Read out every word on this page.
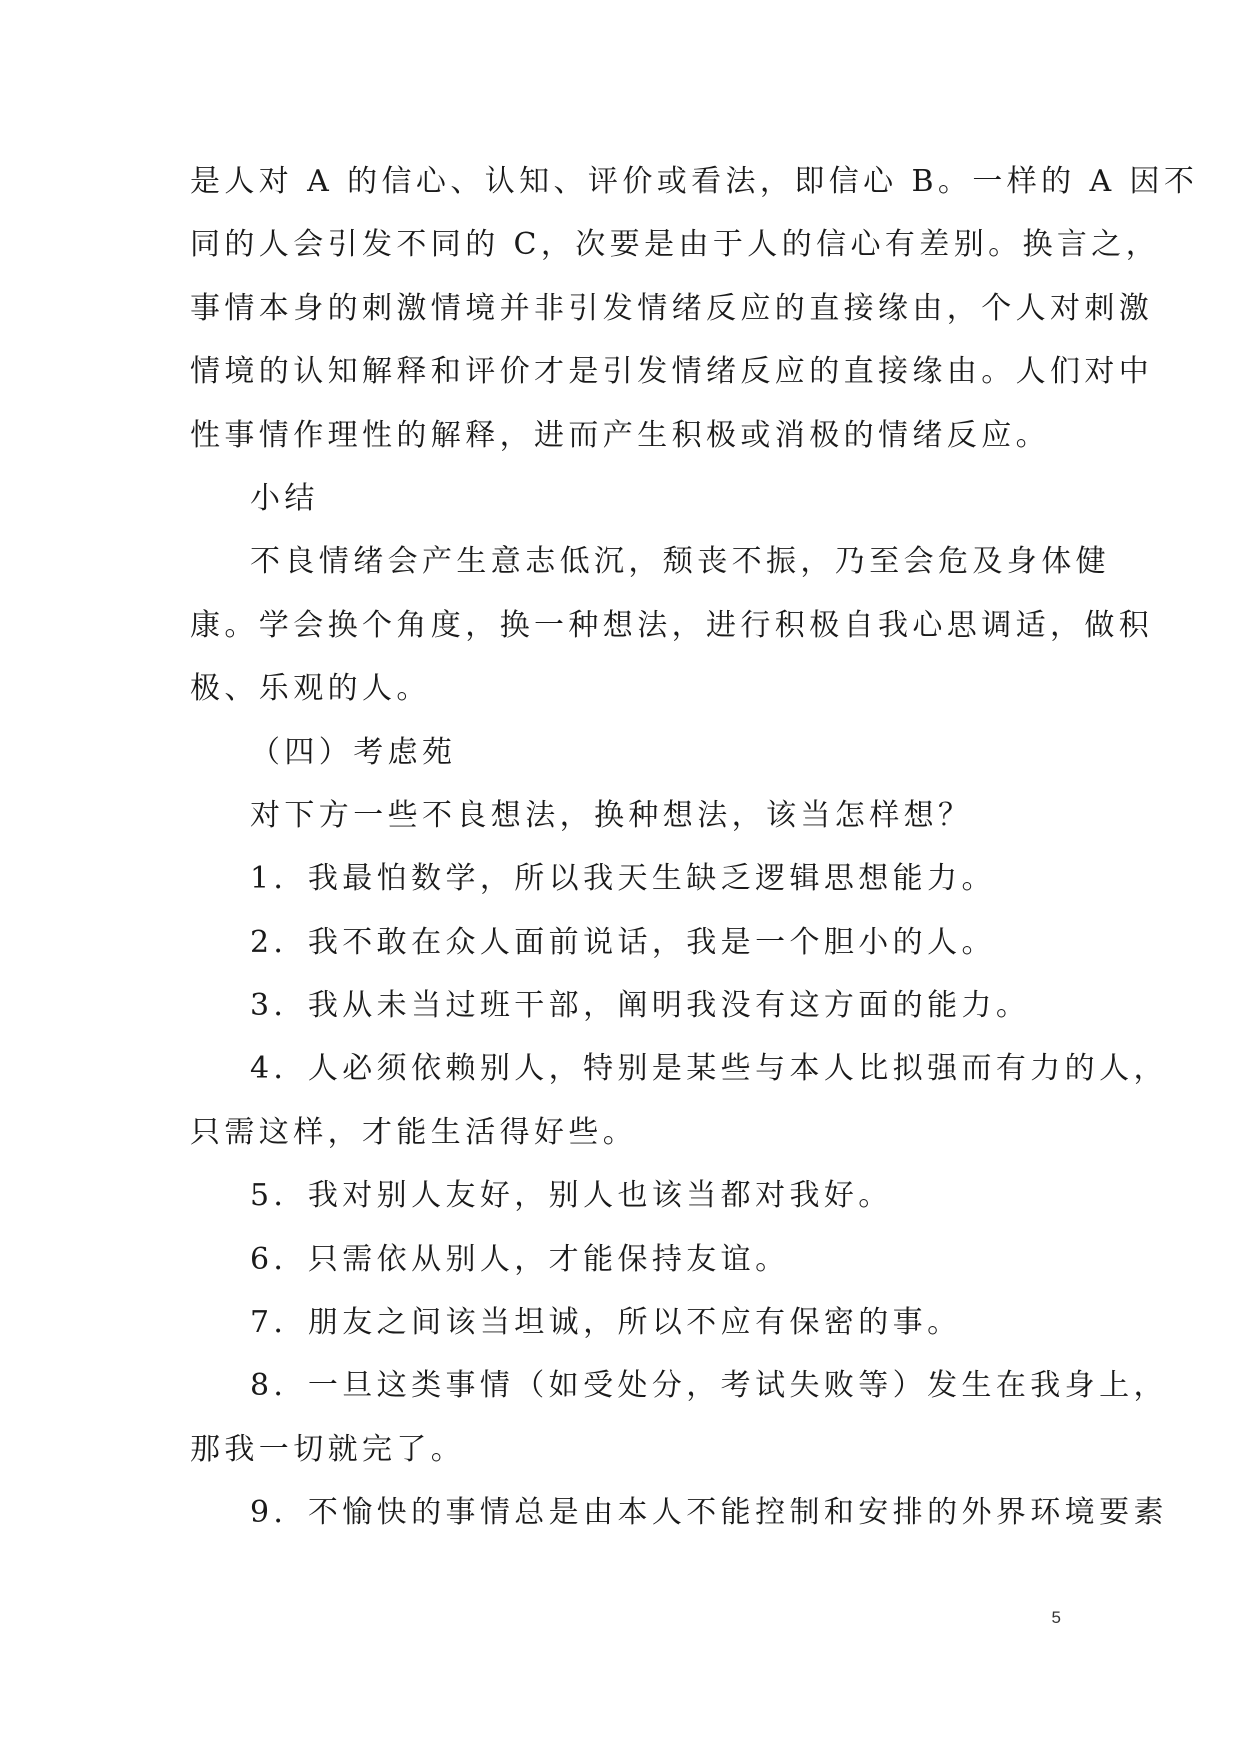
是人对 A 的信心、认知、评价或看法，即信心 B。一样的 A 因不
同的人会引发不同的 C，次要是由于人的信心有差别。换言之，
事情本身的刺激情境并非引发情绪反应的直接缘由，个人对刺激
情境的认知解释和评价才是引发情绪反应的直接缘由。人们对中
性事情作理性的解释，进而产生积极或消极的情绪反应。
小结
不良情绪会产生意志低沉，颓丧不振，乃至会危及身体健
康。学会换个角度，换一种想法，进行积极自我心思调适，做积
极、乐观的人。
（四）考虑苑
对下方一些不良想法，换种想法，该当怎样想？
1．我最怕数学，所以我天生缺乏逻辑思想能力。
2．我不敢在众人面前说话，我是一个胆小的人。
3．我从未当过班干部，阐明我没有这方面的能力。
4．人必须依赖别人，特别是某些与本人比拟强而有力的人，
只需这样，才能生活得好些。
5．我对别人友好，别人也该当都对我好。
6．只需依从别人，才能保持友谊。
7．朋友之间该当坦诚，所以不应有保密的事。
8．一旦这类事情（如受处分，考试失败等）发生在我身上，
那我一切就完了。
9．不愉快的事情总是由本人不能控制和安排的外界环境要素
5
